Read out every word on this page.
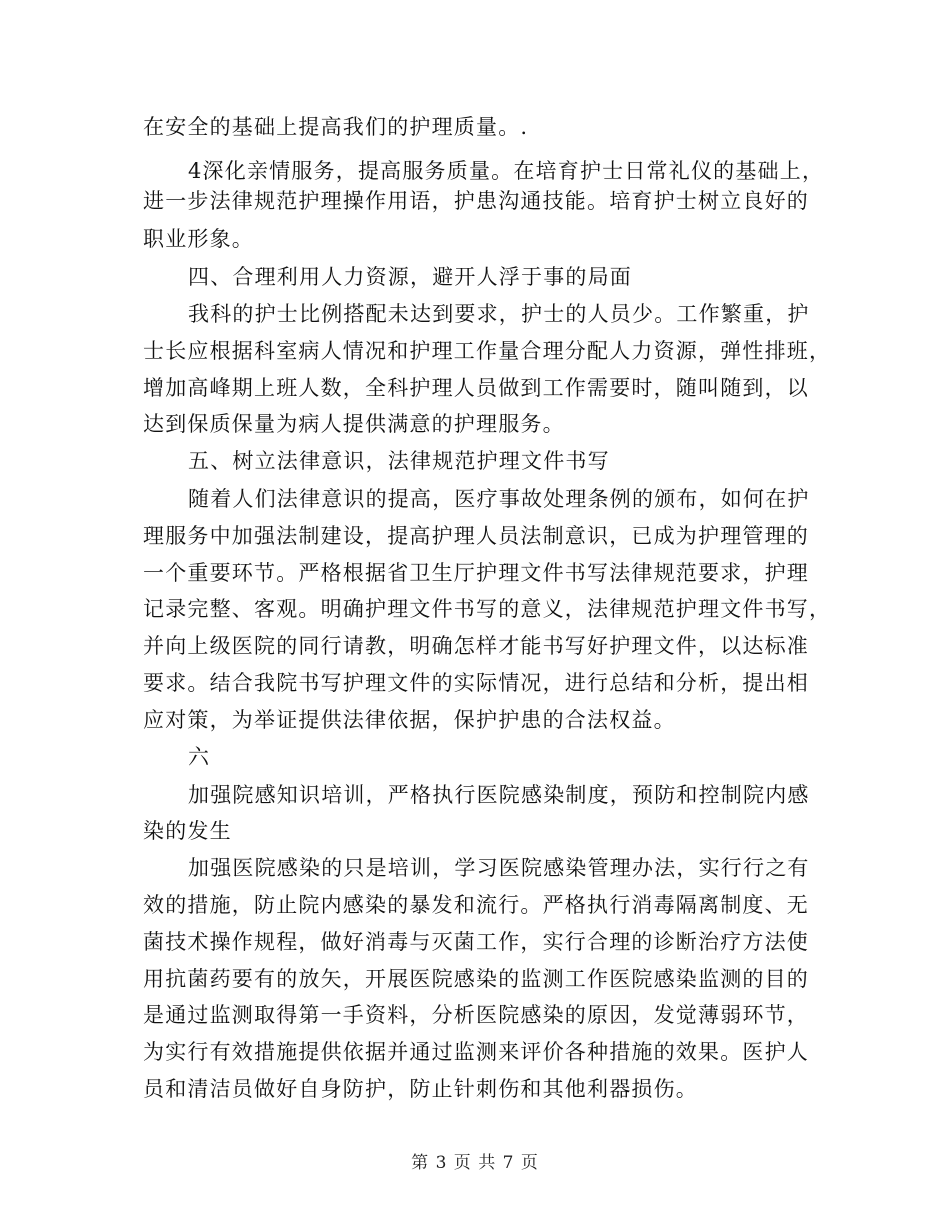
在安全的基础上提高我们的护理质量。.
4深化亲情服务，提高服务质量。在培育护士日常礼仪的基础上，
进一步法律规范护理操作用语，护患沟通技能。培育护士树立良好的
职业形象。
四、合理利用人力资源，避开人浮于事的局面
我科的护士比例搭配未达到要求，护士的人员少。工作繁重，护
士长应根据科室病人情况和护理工作量合理分配人力资源，弹性排班，
增加高峰期上班人数，全科护理人员做到工作需要时，随叫随到，以
达到保质保量为病人提供满意的护理服务。
五、树立法律意识，法律规范护理文件书写
随着人们法律意识的提高，医疗事故处理条例的颁布，如何在护
理服务中加强法制建设，提高护理人员法制意识，已成为护理管理的
一个重要环节。严格根据省卫生厅护理文件书写法律规范要求，护理
记录完整、客观。明确护理文件书写的意义，法律规范护理文件书写，
并向上级医院的同行请教，明确怎样才能书写好护理文件，以达标准
要求。结合我院书写护理文件的实际情况，进行总结和分析，提出相
应对策，为举证提供法律依据，保护护患的合法权益。
六
加强院感知识培训，严格执行医院感染制度，预防和控制院内感
染的发生
加强医院感染的只是培训，学习医院感染管理办法，实行行之有
效的措施，防止院内感染的暴发和流行。严格执行消毒隔离制度、无
菌技术操作规程，做好消毒与灭菌工作，实行合理的诊断治疗方法使
用抗菌药要有的放矢，开展医院感染的监测工作医院感染监测的目的
是通过监测取得第一手资料，分析医院感染的原因，发觉薄弱环节，
为实行有效措施提供依据并通过监测来评价各种措施的效果。医护人
员和清洁员做好自身防护，防止针刺伤和其他利器损伤。
第 3 页 共 7 页
